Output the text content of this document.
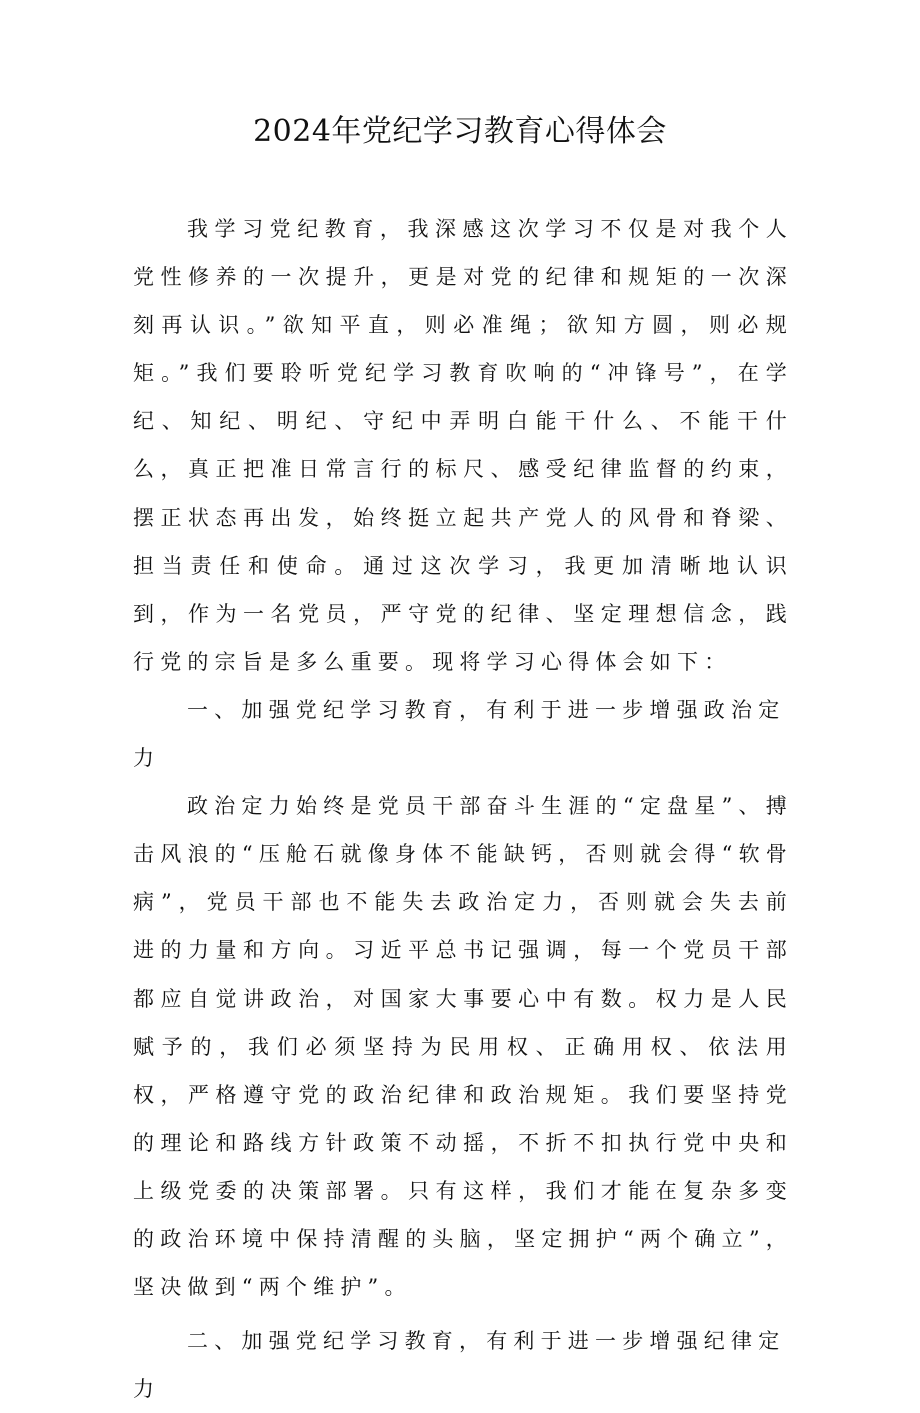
2024年党纪学习教育心得体会

我学习党纪教育，我深感这次学习不仅是对我个人党性修养的一次提升，更是对党的纪律和规矩的一次深刻再认识。”欲知平直，则必准绳；欲知方圆，则必规矩。”我们要聆听党纪学习教育吹响的“冲锋号”，在学纪、知纪、明纪、守纪中弄明白能干什么、不能干什么，真正把准日常言行的标尺、感受纪律监督的约束，摆正状态再出发，始终挺立起共产党人的风骨和脊梁、担当责任和使命。通过这次学习，我更加清晰地认识到，作为一名党员，严守党的纪律、坚定理想信念，践行党的宗旨是多么重要。现将学习心得体会如下：

一、加强党纪学习教育，有利于进一步增强政治定力

政治定力始终是党员干部奋斗生涯的“定盘星”、搏击风浪的“压舱石就像身体不能缺钙，否则就会得“软骨病”，党员干部也不能失去政治定力，否则就会失去前进的力量和方向。习近平总书记强调，每一个党员干部都应自觉讲政治，对国家大事要心中有数。权力是人民赋予的，我们必须坚持为民用权、正确用权、依法用权，严格遵守党的政治纪律和政治规矩。我们要坚持党的理论和路线方针政策不动摇，不折不扣执行党中央和上级党委的决策部署。只有这样，我们才能在复杂多变的政治环境中保持清醒的头脑，坚定拥护“两个确立”，坚决做到“两个维护”。

二、加强党纪学习教育，有利于进一步增强纪律定力
